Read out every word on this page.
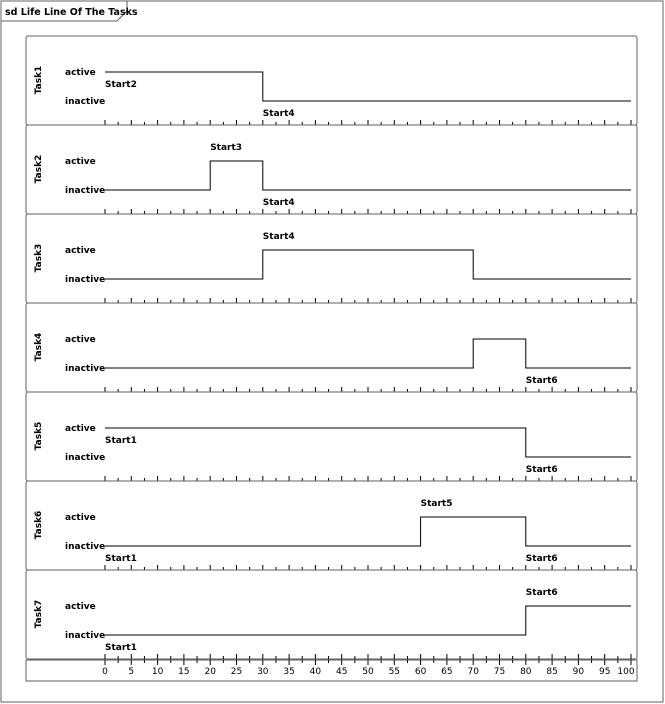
sd Life Line Of The Tasks
Task1 active
inactive
Start2
Start4
Task2 active
inactive
Start3
Start4
Task3 active
inactive
Start4
Task4 active
inactive
Start6
Task5 active
inactive
Start1
Start6
Task6 active
inactive
Start1
Start5
Start6
Task7 active
inactive
Start1
Start6
0 5 10 15 20 25 30 35 40 45 50 55 60 65 70 75 80 85 90 95 100
